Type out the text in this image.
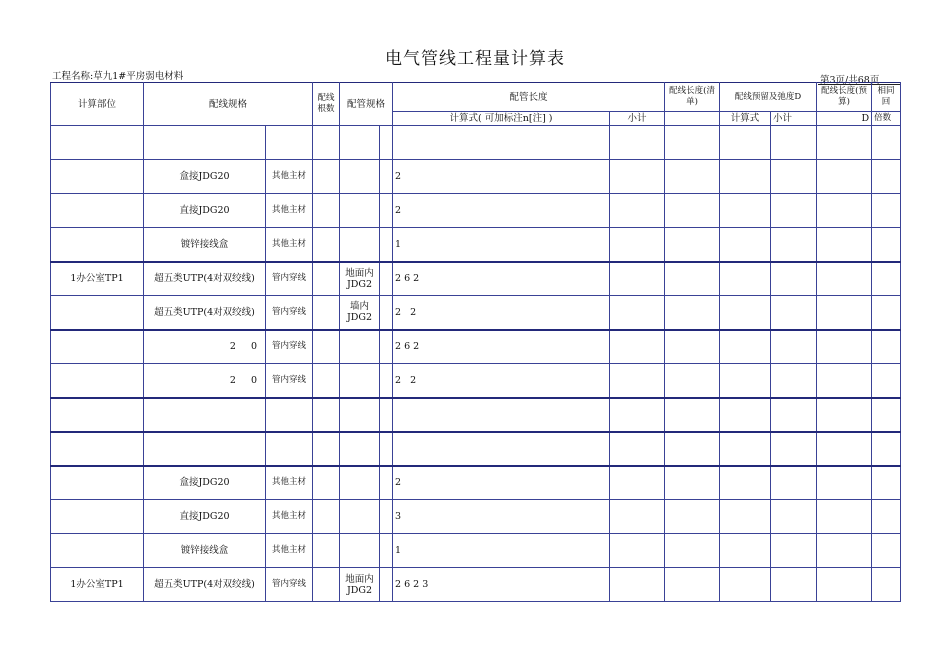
电气管线工程量计算表
工程名称:草九1#平房弱电材料	第3页/共68页
计算部位	配线规格		配线根数	配管规格		配管长度		配线长度(清单)	配线预留及弛度D		配线长度(预算)	相同回
						计算式( 可加标注n[注] )	小计		计算式	小计	D	倍数

	盒接JDG20	其他主材				2						
	直接JDG20	其他主材				2						
	镀锌接线盒	其他主材				1						
1办公室TP1	超五类UTP(4对双绞线)	管内穿线		地面内JDG2		2 6 2						
	超五类UTP(4对双绞线)	管内穿线		墙内JDG2		2   2						
	2 0	管内穿线				2 6 2						
	2 0	管内穿线				2   2						

	盒接JDG20	其他主材				2						
	直接JDG20	其他主材				3						
	镀锌接线盒	其他主材				1						
1办公室TP1	超五类UTP(4对双绞线)	管内穿线		地面内JDG2		2 6 2 3						
